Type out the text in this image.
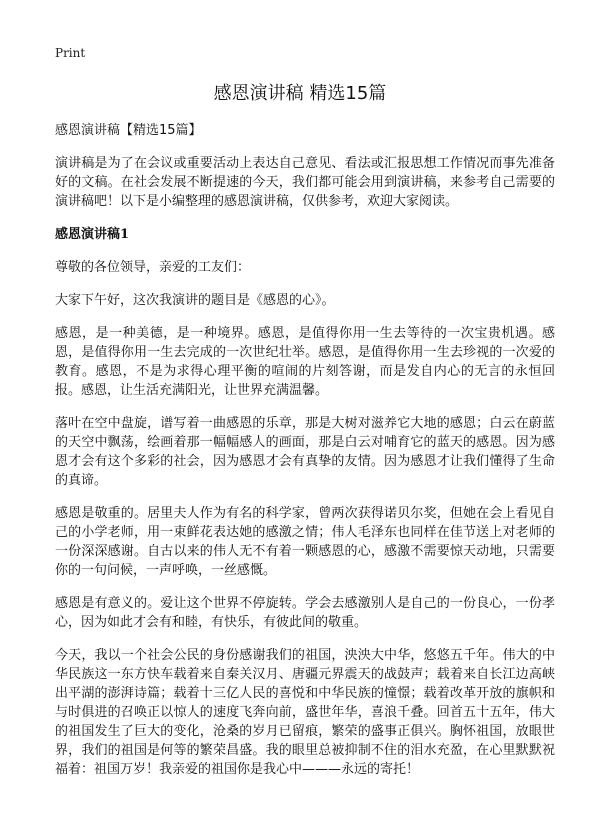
Print
感恩演讲稿 精选15篇

感恩演讲稿【精选15篇】

演讲稿是为了在会议或重要活动上表达自己意见、看法或汇报思想工作情况而事先准备好的文稿。在社会发展不断提速的今天，我们都可能会用到演讲稿，来参考自己需要的演讲稿吧！以下是小编整理的感恩演讲稿，仅供参考，欢迎大家阅读。

感恩演讲稿1

尊敬的各位领导，亲爱的工友们：

大家下午好，这次我演讲的题目是《感恩的心》。

感恩，是一种美德，是一种境界。感恩，是值得你用一生去等待的一次宝贵机遇。感恩，是值得你用一生去完成的一次世纪壮举。感恩，是值得你用一生去珍视的一次爱的教育。感恩，不是为求得心理平衡的喧闹的片刻答谢，而是发自内心的无言的永恒回报。感恩，让生活充满阳光，让世界充满温馨。

落叶在空中盘旋，谱写着一曲感恩的乐章，那是大树对滋养它大地的感恩；白云在蔚蓝的天空中飘荡，绘画着那一幅幅感人的画面，那是白云对哺育它的蓝天的感恩。因为感恩才会有这个多彩的社会，因为感恩才会有真挚的友情。因为感恩才让我们懂得了生命的真谛。

感恩是敬重的。居里夫人作为有名的科学家，曾两次获得诺贝尔奖，但她在会上看见自己的小学老师，用一束鲜花表达她的感激之情；伟人毛泽东也同样在佳节送上对老师的一份深深感谢。自古以来的伟人无不有着一颗感恩的心，感激不需要惊天动地，只需要你的一句问候，一声呼唤，一丝感慨。

感恩是有意义的。爱让这个世界不停旋转。学会去感激别人是自己的一份良心，一份孝心，因为如此才会有和睦，有快乐，有彼此间的敬重。

今天，我以一个社会公民的身份感谢我们的祖国，泱泱大中华，悠悠五千年。伟大的中华民族这一东方快车载着来自秦关汉月、唐疆元界震天的战鼓声；载着来自长江边高峡出平湖的澎湃诗篇；载着十三亿人民的喜悦和中华民族的憧憬；载着改革开放的旗帜和与时俱进的召唤正以惊人的速度飞奔向前，盛世年华，喜浪千叠。回首五十五年，伟大的祖国发生了巨大的变化，沧桑的岁月已留痕，繁荣的盛事正俱兴。胸怀祖国，放眼世界，我们的祖国是何等的繁荣昌盛。我的眼里总被抑制不住的泪水充盈，在心里默默祝福着：祖国万岁！我亲爱的祖国你是我心中———永远的寄托！
